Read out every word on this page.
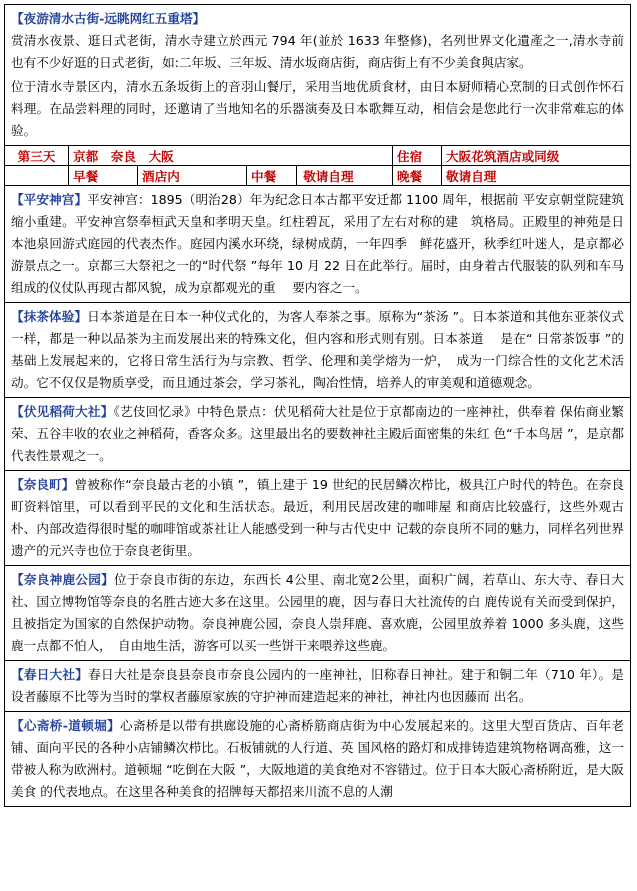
【夜游清水古街-远眺网红五重塔】

赏清水夜景、逛日式老街，清水寺建立於西元 794 年(並於 1633 年整修)，名列世界文化遺產之一,清水寺前也有不少好逛的日式老街，如:二年坂、三年坂、清水坂商店街，商店街上有不少美食與店家。

位于清水寺景区内，清水五条坂街上的音羽山餐厅，采用当地优质食材，由日本厨师精心烹制的日式创作怀石料理。在品尝料理的同时，还邀请了当地知名的乐器演奏及日本歌舞互动，相信会是您此行一次非常难忘的体验。

第三天	京都　奈良　大阪			住宿	大阪花筑酒店或同级
	早餐	酒店内	中餐 敬请自理	晚餐	敬请自理

【平安神宫】平安神宫：1895（明治28）年为纪念日本古都平安迁都 1100 周年，根据前 平安京朝堂院建筑缩小重建。平安神宫祭奉桓武天皇和孝明天皇。红柱碧瓦，采用了左右对称的建　筑格局。正殿里的神苑是日本池泉回游式庭园的代表杰作。庭园内溪水环绕，绿树成荫，一年四季　鲜花盛开，秋季红叶迷人，是京都必游景点之一。京都三大祭祀之一的“时代祭 ”每年 10 月 22 日在此举行。届时，由身着古代服装的队列和车马组成的仪仗队再现古都风貌，成为京都观光的重　 要内容之一。

【抹茶体验】日本茶道是在日本一种仪式化的，为客人奉茶之事。原称为“茶汤 ”。日本茶道和其他东亚茶仪式一样，都是一种以品茶为主而发展出来的特殊文化，但内容和形式则有别。日本茶道　 是在“ 日常茶饭事 ”的基础上发展起来的，它将日常生活行为与宗教、哲学、伦理和美学熔为一炉，　成为一门综合性的文化艺术活动。它不仅仅是物质享受，而且通过茶会，学习茶礼，陶冶性情，培养人的审美观和道德观念。

【伏见稻荷大社】《艺伎回忆录》中特色景点：伏见稻荷大社是位于京都南边的一座神社，供奉着 保佑商业繁荣、五谷丰收的农业之神稻荷，香客众多。这里最出名的要数神社主殿后面密集的朱红 色“千本鸟居 ”，是京都代表性景观之一。

【奈良町】曾被称作“奈良最古老的小镇 ”，镇上建于 19 世纪的民居鳞次栉比，极具江户时代的特色。在奈良町资料馆里，可以看到平民的文化和生活状态。最近，利用民居改建的咖啡屋 和商店比较盛行，这些外观古朴、内部改造得很时髦的咖啡馆或茶社让人能感受到一种与古代史中 记载的奈良所不同的魅力，同样名列世界遗产的元兴寺也位于奈良老街里。

【奈良神鹿公园】位于奈良市街的东边，东西长 4公里、南北宽2公里，面积广阔，若草山、东大寺、春日大社、国立博物馆等奈良的名胜古迹大多在这里。公园里的鹿，因与春日大社流传的白 鹿传说有关而受到保护，且被指定为国家的自然保护动物。奈良神鹿公园，奈良人崇拜鹿、喜欢鹿，公园里放养着 1000 多头鹿，这些鹿一点都不怕人，　自由地生活，游客可以买一些饼干来喂养这些鹿。

【春日大社】春日大社是奈良县奈良市奈良公园内的一座神社，旧称春日神社。建于和铜二年（710 年）。是设者藤原不比等为当时的掌权者藤原家族的守护神而建造起来的神社，神社内也因藤而 出名。

【心斋桥-道顿堀】心斋桥是以带有拱廊设施的心斋桥筋商店街为中心发展起来的。这里大型百货店、百年老铺、面向平民的各种小店铺鳞次栉比。石板铺就的人行道、英 国风格的路灯和成排铸造建筑物格调高雅，这一带被人称为欧洲村。道顿堀 “吃倒在大阪 ”，大阪地道的美食绝对不容错过。位于日本大阪心斋桥附近，是大阪美食 的代表地点。在这里各种美食的招牌每天都招来川流不息的人潮
